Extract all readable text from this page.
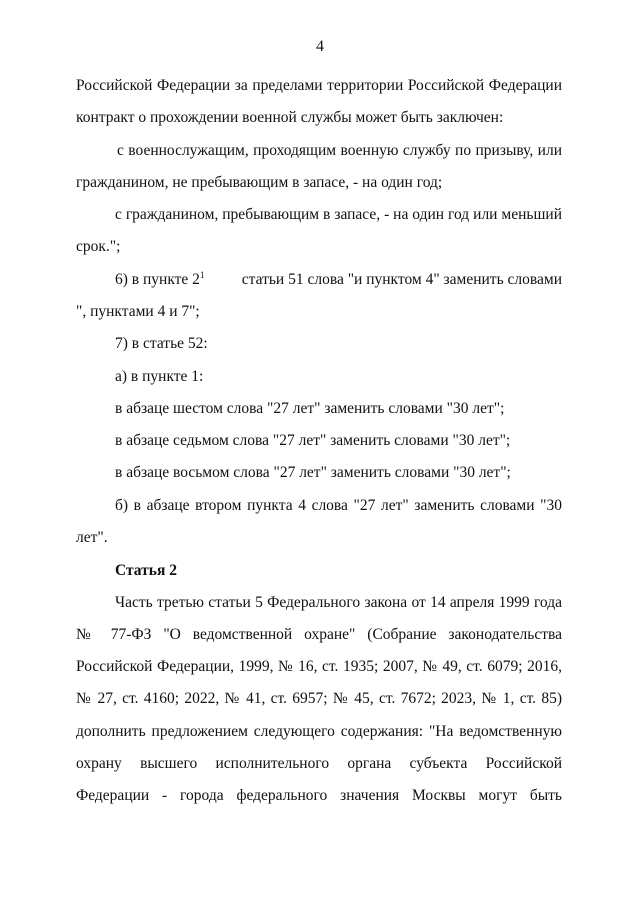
4
Российской Федерации за пределами территории Российской Федерации
контракт о прохождении военной службы может быть заключен:
с военнослужащим, проходящим военную службу по призыву, или
гражданином, не пребывающим в запасе, - на один год;
с гражданином, пребывающим в запасе, - на один год или меньший
срок.";
6) в пункте $2^1$ статьи 51 слова "и пунктом 4" заменить словами
", пунктами 4 и 7";
7) в статье 52:
а) в пункте 1:
в абзаце шестом слова "27 лет" заменить словами "30 лет";
в абзаце седьмом слова "27 лет" заменить словами "30 лет";
в абзаце восьмом слова "27 лет" заменить словами "30 лет";
б) в абзаце втором пункта 4 слова "27 лет" заменить словами "30
лет".
Статья 2
Часть третью статьи 5 Федерального закона от 14 апреля 1999 года
№ 77-ФЗ "О ведомственной охране" (Собрание законодательства
Российской Федерации, 1999, № 16, ст. 1935; 2007, № 49, ст. 6079; 2016,
№ 27, ст. 4160; 2022, № 41, ст. 6957; № 45, ст. 7672; 2023, № 1, ст. 85)
дополнить предложением следующего содержания: "На ведомственную
охрану высшего исполнительного органа субъекта Российской
Федерации - города федерального значения Москвы могут быть
